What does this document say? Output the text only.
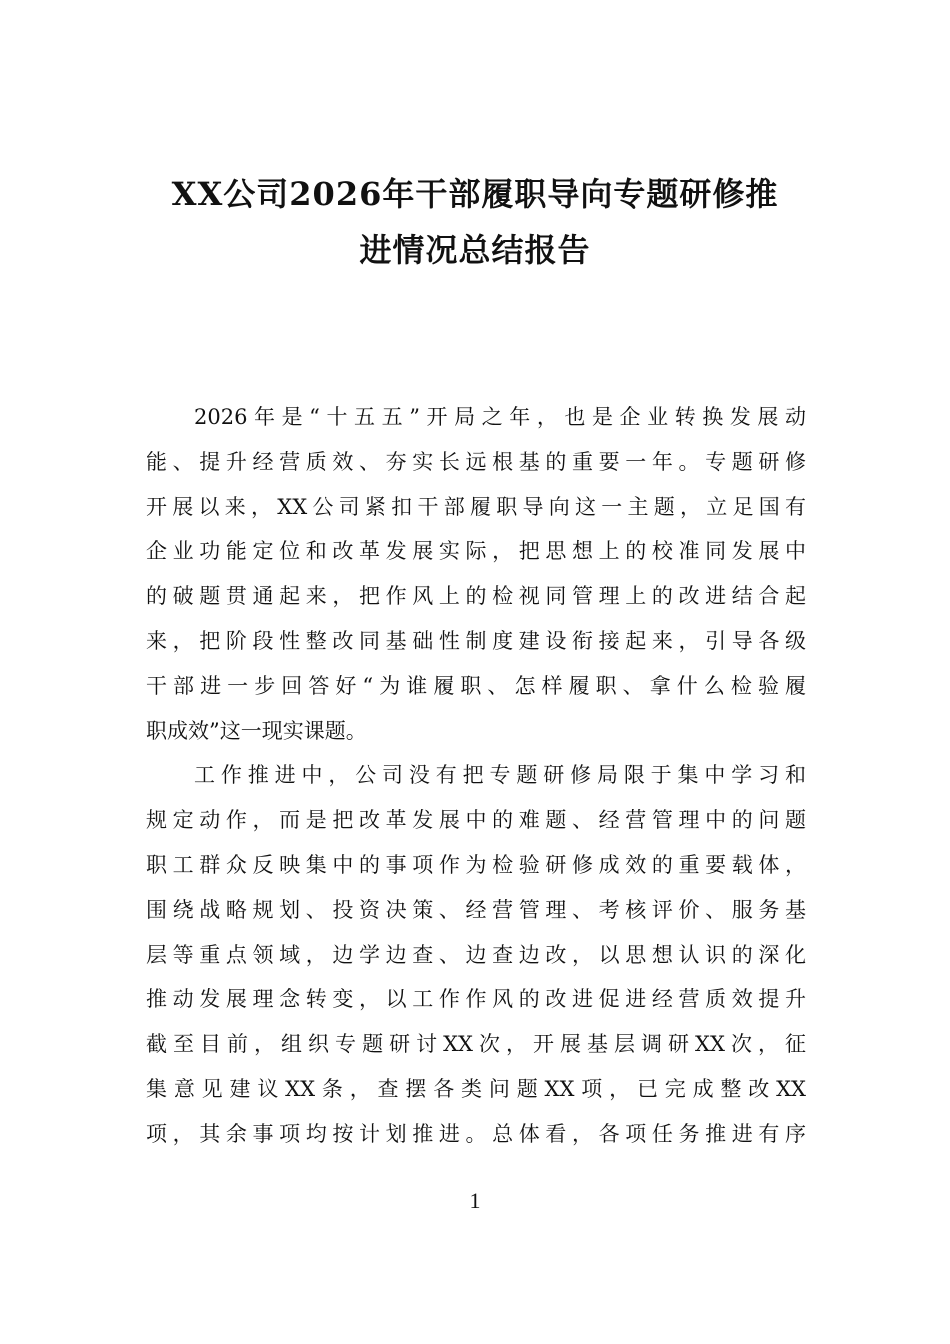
XX公司2026年干部履职导向专题研修推
进情况总结报告

2026年是“十五五”开局之年，也是企业转换发展动
能、提升经营质效、夯实长远根基的重要一年。专题研修
开展以来，XX公司紧扣干部履职导向这一主题，立足国有
企业功能定位和改革发展实际，把思想上的校准同发展中
的破题贯通起来，把作风上的检视同管理上的改进结合起
来，把阶段性整改同基础性制度建设衔接起来，引导各级
干部进一步回答好“为谁履职、怎样履职、拿什么检验履
职成效”这一现实课题。

工作推进中，公司没有把专题研修局限于集中学习和
规定动作，而是把改革发展中的难题、经营管理中的问题
职工群众反映集中的事项作为检验研修成效的重要载体，
围绕战略规划、投资决策、经营管理、考核评价、服务基
层等重点领域，边学边查、边查边改，以思想认识的深化
推动发展理念转变，以工作作风的改进促进经营质效提升
截至目前，组织专题研讨XX次，开展基层调研XX次，征
集意见建议XX条，查摆各类问题XX项，已完成整改XX
项，其余事项均按计划推进。总体看，各项任务推进有序

1
